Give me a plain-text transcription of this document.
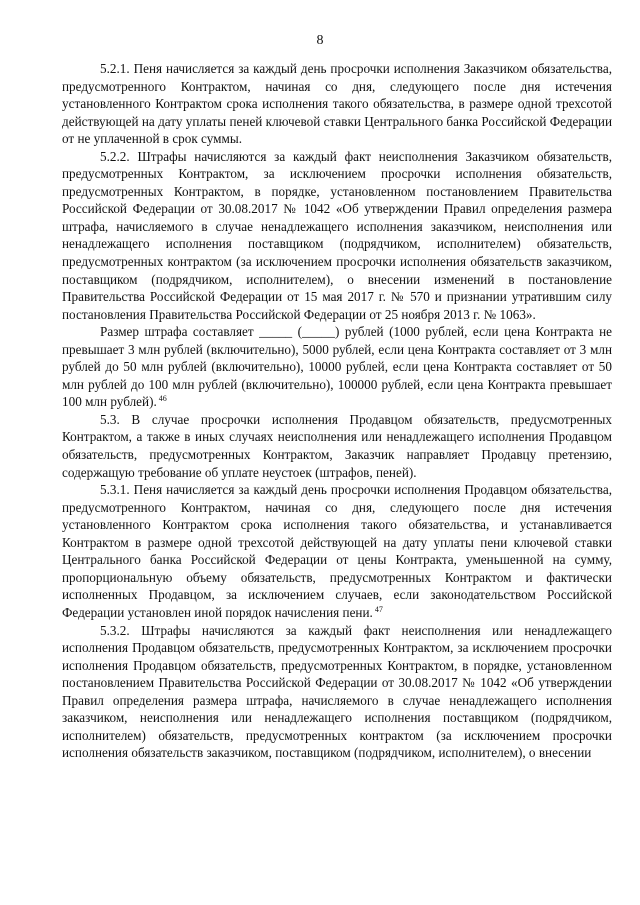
8

5.2.1. Пеня начисляется за каждый день просрочки исполнения Заказчиком обязательства, предусмотренного Контрактом, начиная со дня, следующего после дня истечения установленного Контрактом срока исполнения такого обязательства, в размере одной трехсотой действующей на дату уплаты пеней ключевой ставки Центрального банка Российской Федерации от не уплаченной в срок суммы.

5.2.2. Штрафы начисляются за каждый факт неисполнения Заказчиком обязательств, предусмотренных Контрактом, за исключением просрочки исполнения обязательств, предусмотренных Контрактом, в порядке, установленном постановлением Правительства Российской Федерации от 30.08.2017 № 1042 «Об утверждении Правил определения размера штрафа, начисляемого в случае ненадлежащего исполнения заказчиком, неисполнения или ненадлежащего исполнения поставщиком (подрядчиком, исполнителем) обязательств, предусмотренных контрактом (за исключением просрочки исполнения обязательств заказчиком, поставщиком (подрядчиком, исполнителем), о внесении изменений в постановление Правительства Российской Федерации от 15 мая 2017 г. № 570 и признании утратившим силу постановления Правительства Российской Федерации от 25 ноября 2013 г. № 1063».

Размер штрафа составляет _____ (_____) рублей (1000 рублей, если цена Контракта не превышает 3 млн рублей (включительно), 5000 рублей, если цена Контракта составляет от 3 млн рублей до 50 млн рублей (включительно), 10000 рублей, если цена Контракта составляет от 50 млн рублей до 100 млн рублей (включительно), 100000 рублей, если цена Контракта превышает 100 млн рублей). $^{46}$

5.3. В случае просрочки исполнения Продавцом обязательств, предусмотренных Контрактом, а также в иных случаях неисполнения или ненадлежащего исполнения Продавцом обязательств, предусмотренных Контрактом, Заказчик направляет Продавцу претензию, содержащую требование об уплате неустоек (штрафов, пеней).

5.3.1. Пеня начисляется за каждый день просрочки исполнения Продавцом обязательства, предусмотренного Контрактом, начиная со дня, следующего после дня истечения установленного Контрактом срока исполнения такого обязательства, и устанавливается Контрактом в размере одной трехсотой действующей на дату уплаты пени ключевой ставки Центрального банка Российской Федерации от цены Контракта, уменьшенной на сумму, пропорциональную объему обязательств, предусмотренных Контрактом и фактически исполненных Продавцом, за исключением случаев, если законодательством Российской Федерации установлен иной порядок начисления пени. $^{47}$

5.3.2. Штрафы начисляются за каждый факт неисполнения или ненадлежащего исполнения Продавцом обязательств, предусмотренных Контрактом, за исключением просрочки исполнения Продавцом обязательств, предусмотренных Контрактом, в порядке, установленном постановлением Правительства Российской Федерации от 30.08.2017 № 1042 «Об утверждении Правил определения размера штрафа, начисляемого в случае ненадлежащего исполнения заказчиком, неисполнения или ненадлежащего исполнения поставщиком (подрядчиком, исполнителем) обязательств, предусмотренных контрактом (за исключением просрочки исполнения обязательств заказчиком, поставщиком (подрядчиком, исполнителем), о внесении
